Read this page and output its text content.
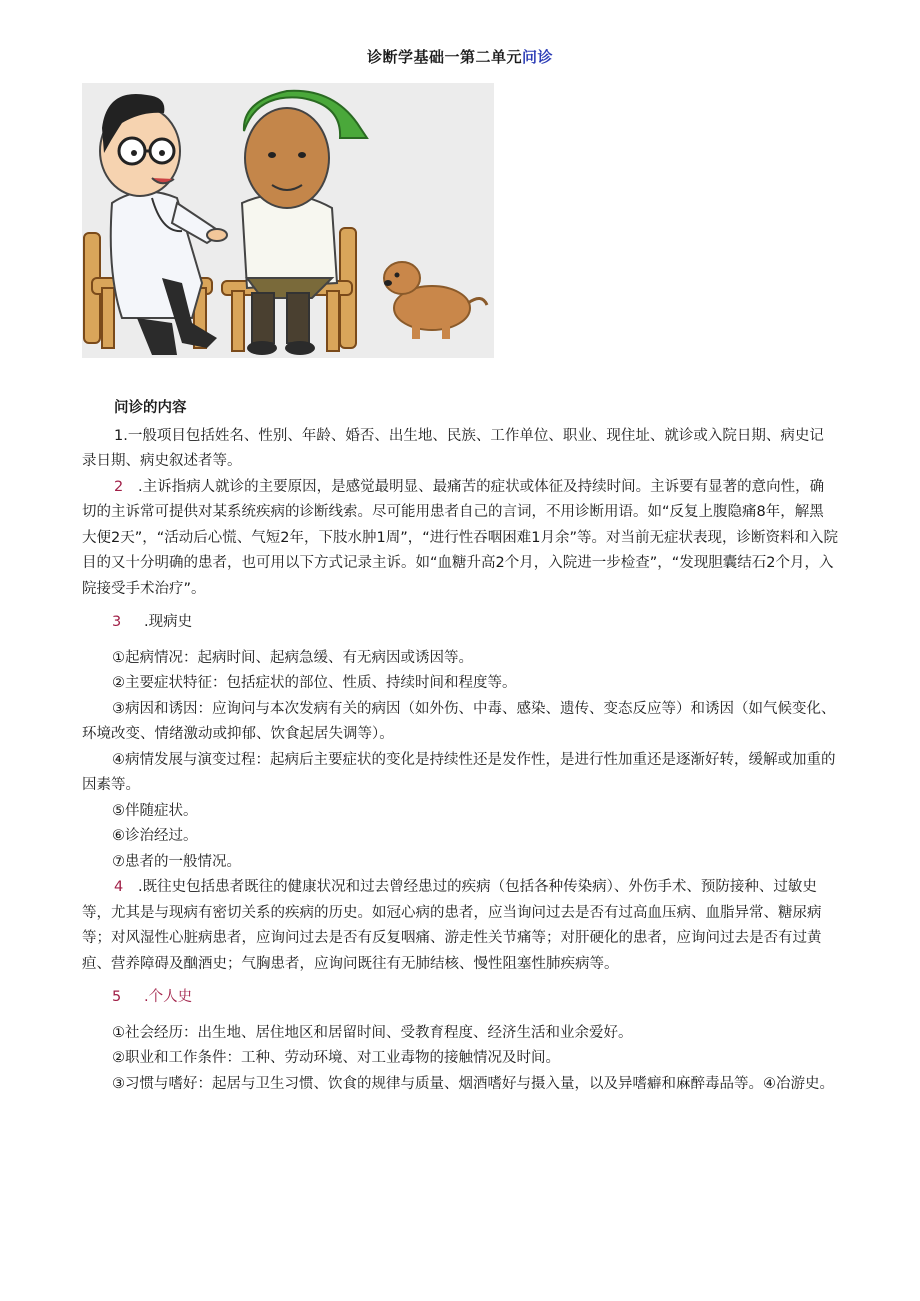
诊断学基础一第二单元问诊

问诊的内容

1.一般项目包括姓名、性别、年龄、婚否、出生地、民族、工作单位、职业、现住址、就诊或入院日期、病史记录日期、病史叙述者等。

2 .主诉指病人就诊的主要原因，是感觉最明显、最痛苦的症状或体征及持续时间。主诉要有显著的意向性，确切的主诉常可提供对某系统疾病的诊断线索。尽可能用患者自己的言词，不用诊断用语。如“反复上腹隐痛8年，解黑大便2天”，“活动后心慌、气短2年，下肢水肿1周”，“进行性吞咽困难1月余”等。对当前无症状表现，诊断资料和入院目的又十分明确的患者，也可用以下方式记录主诉。如“血糖升高2个月，入院进一步检查”，“发现胆囊结石2个月，入院接受手术治疗”。

3 .现病史

①起病情况：起病时间、起病急缓、有无病因或诱因等。

②主要症状特征：包括症状的部位、性质、持续时间和程度等。

③病因和诱因：应询问与本次发病有关的病因（如外伤、中毒、感染、遗传、变态反应等）和诱因（如气候变化、环境改变、情绪激动或抑郁、饮食起居失调等）。

④病情发展与演变过程：起病后主要症状的变化是持续性还是发作性，是进行性加重还是逐渐好转，缓解或加重的因素等。

⑤伴随症状。

⑥诊治经过。

⑦患者的一般情况。

4 .既往史包括患者既往的健康状况和过去曾经患过的疾病（包括各种传染病）、外伤手术、预防接种、过敏史等，尤其是与现病有密切关系的疾病的历史。如冠心病的患者，应当询问过去是否有过高血压病、血脂异常、糖尿病等；对风湿性心脏病患者，应询问过去是否有反复咽痛、游走性关节痛等；对肝硬化的患者，应询问过去是否有过黄疸、营养障碍及酗酒史；气胸患者，应询问既往有无肺结核、慢性阻塞性肺疾病等。

5 .个人史

①社会经历：出生地、居住地区和居留时间、受教育程度、经济生活和业余爱好。

②职业和工作条件：工种、劳动环境、对工业毒物的接触情况及时间。

③习惯与嗜好：起居与卫生习惯、饮食的规律与质量、烟酒嗜好与摄入量，以及异嗜癖和麻醉毒品等。④冶游史。
